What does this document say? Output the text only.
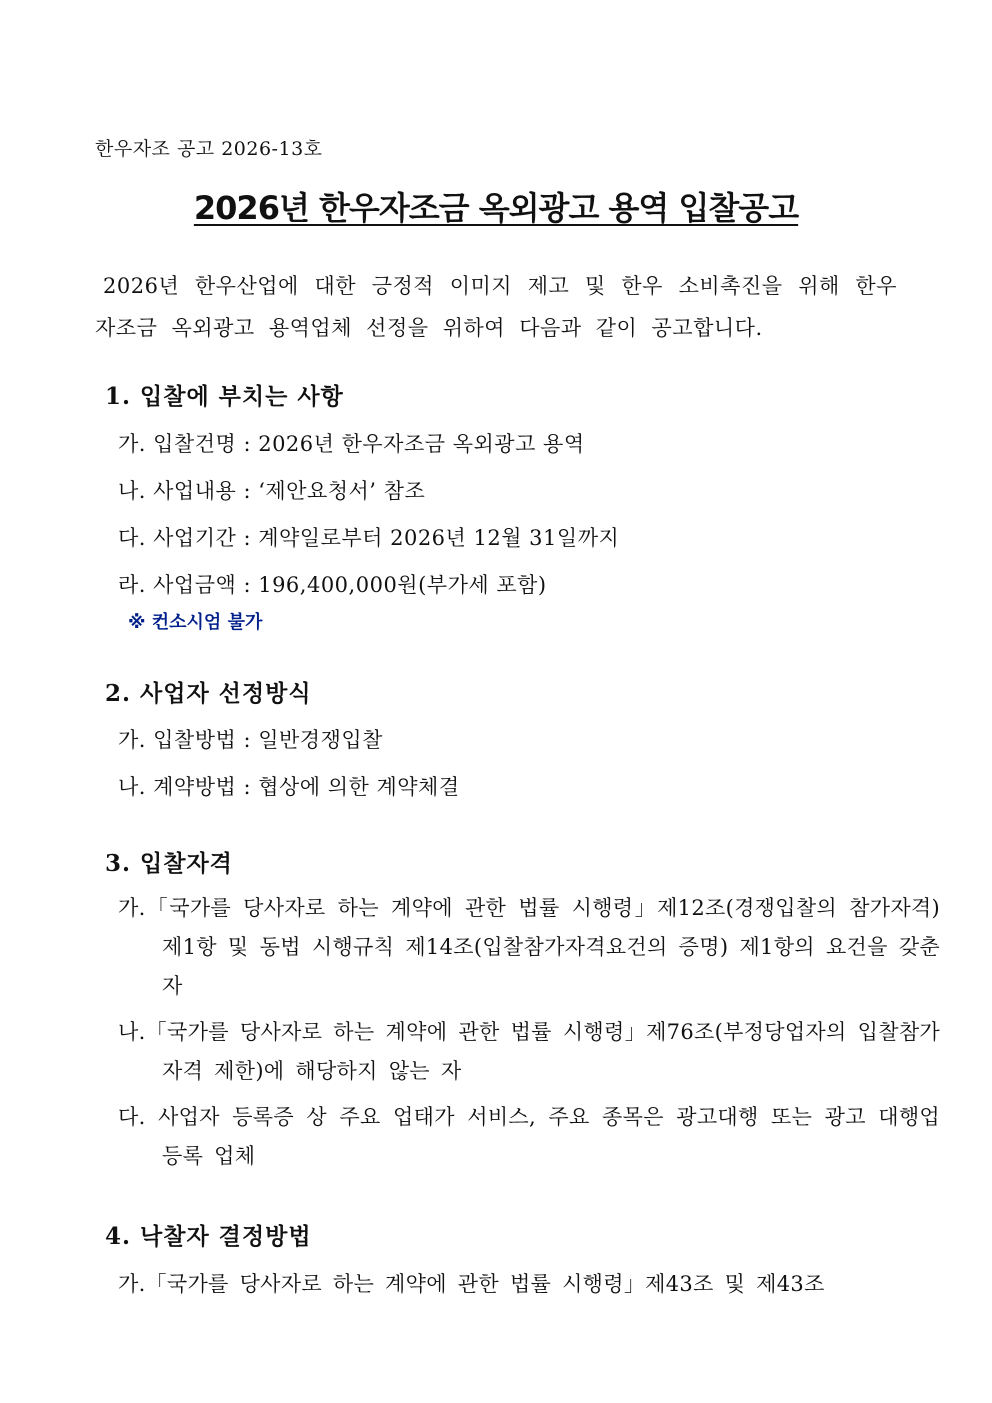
한우자조 공고 2026-13호
2026년 한우자조금 옥외광고 용역 입찰공고
2026년 한우산업에 대한 긍정적 이미지 제고 및 한우 소비촉진을 위해 한우자조금 옥외광고 용역업체 선정을 위하여 다음과 같이 공고합니다.
1. 입찰에 부치는 사항
가. 입찰건명 : 2026년 한우자조금 옥외광고 용역
나. 사업내용 : ‘제안요청서’ 참조
다. 사업기간 : 계약일로부터 2026년 12월 31일까지
라. 사업금액 : 196,400,000원(부가세 포함)
※ 컨소시엄 불가
2. 사업자 선정방식
가. 입찰방법 : 일반경쟁입찰
나. 계약방법 : 협상에 의한 계약체결
3. 입찰자격
가.「국가를 당사자로 하는 계약에 관한 법률 시행령」제12조(경쟁입찰의 참가자격) 제1항 및 동법 시행규칙 제14조(입찰참가자격요건의 증명) 제1항의 요건을 갖춘 자
나.「국가를 당사자로 하는 계약에 관한 법률 시행령」제76조(부정당업자의 입찰참가자격 제한)에 해당하지 않는 자
다. 사업자 등록증 상 주요 업태가 서비스, 주요 종목은 광고대행 또는 광고 대행업 등록 업체
4. 낙찰자 결정방법
가.「국가를 당사자로 하는 계약에 관한 법률 시행령」제43조 및 제43조
